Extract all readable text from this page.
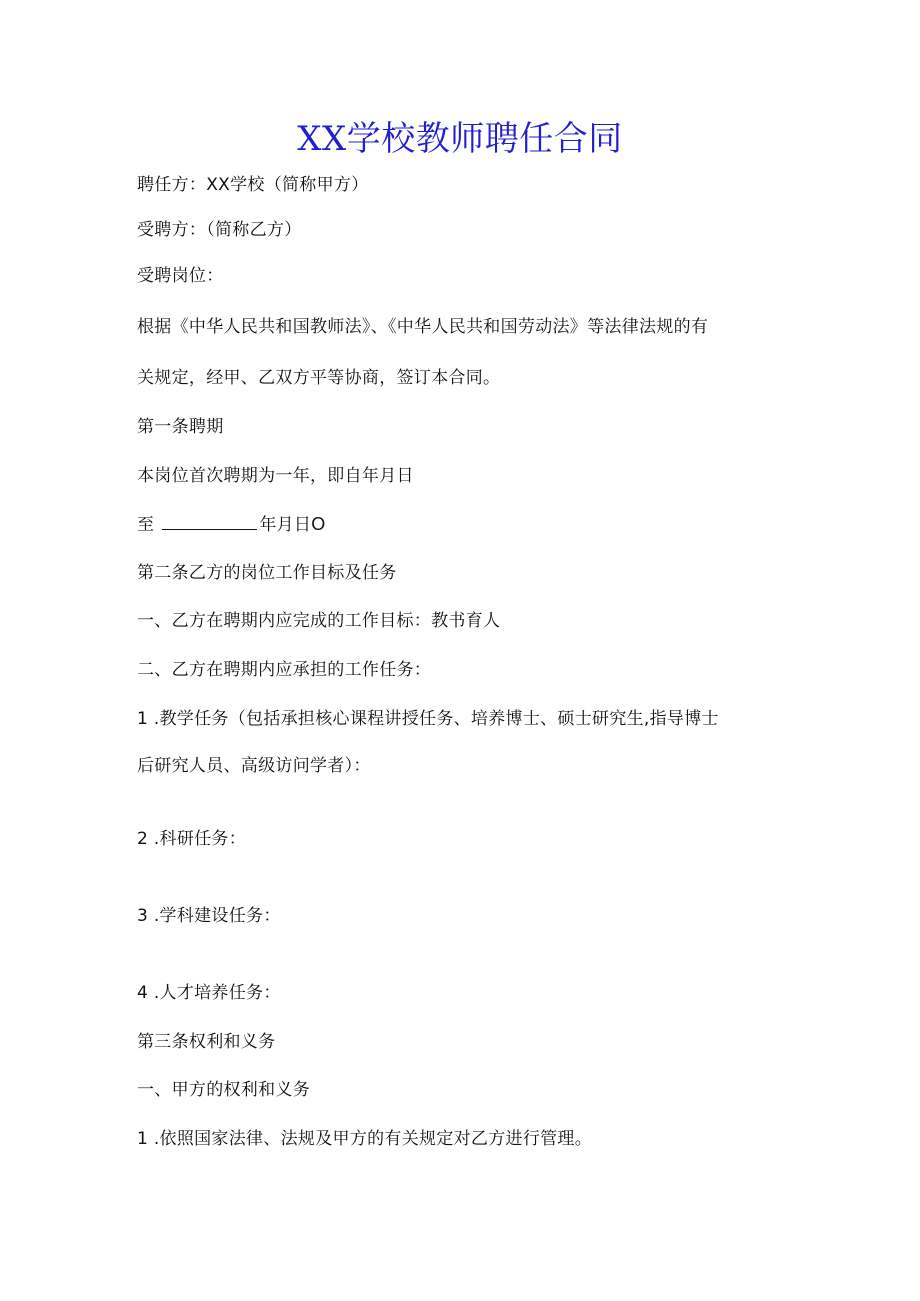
XX学校教师聘任合同
聘任方：XX学校（简称甲方）
受聘方：（简称乙方）
受聘岗位：
根据《中华人民共和国教师法》、《中华人民共和国劳动法》等法律法规的有
关规定，经甲、乙双方平等协商，签订本合同。
第一条聘期
本岗位首次聘期为一年，即自年月日
至	年月日O
第二条乙方的岗位工作目标及任务
一、乙方在聘期内应完成的工作目标：教书育人
二、乙方在聘期内应承担的工作任务：
1 .教学任务（包括承担核心课程讲授任务、培养博士、硕士研究生,指导博士
后研究人员、高级访问学者）：
2 .科研任务：
3 .学科建设任务：
4 .人才培养任务：
第三条权利和义务
一、甲方的权利和义务
1 .依照国家法律、法规及甲方的有关规定对乙方进行管理。
